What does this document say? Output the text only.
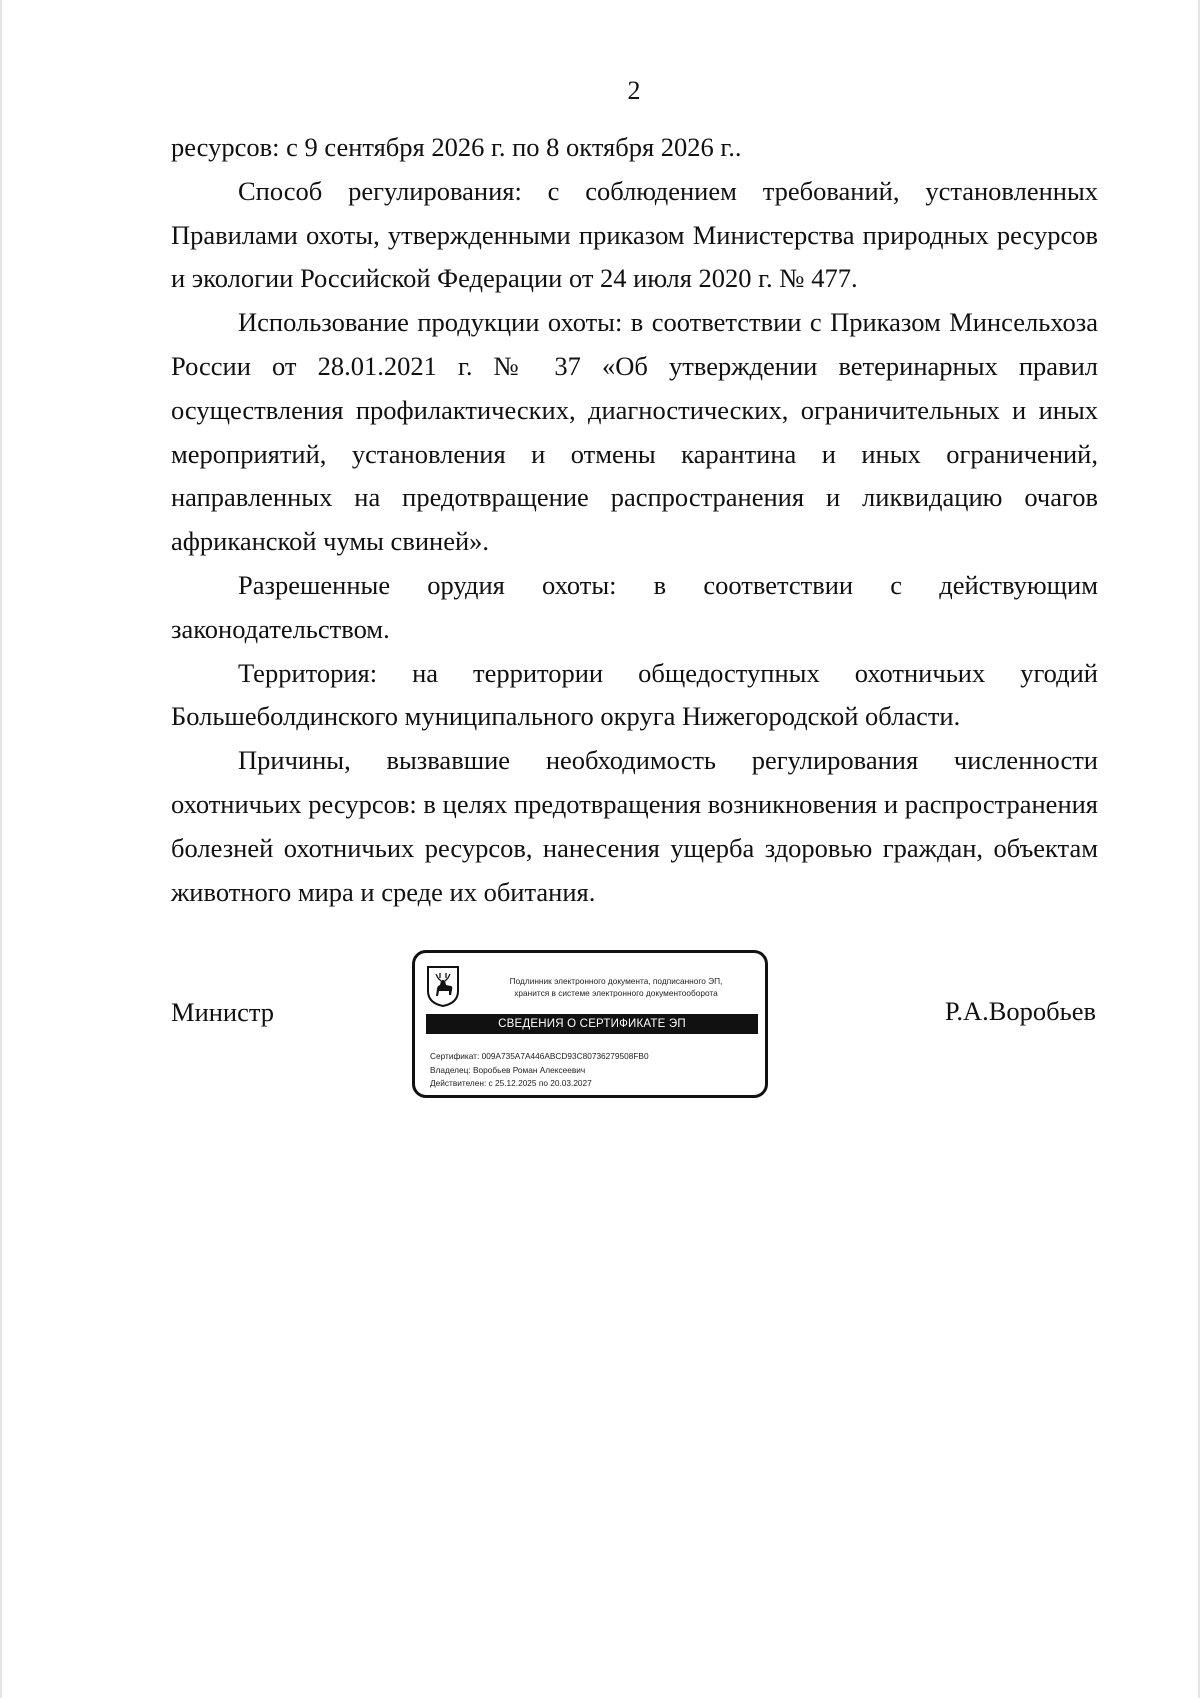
2

ресурсов: с 9 сентября 2026 г. по 8 октября 2026 г..

Способ регулирования: с соблюдением требований, установленных Правилами охоты, утвержденными приказом Министерства природных ресурсов и экологии Российской Федерации от 24 июля 2020 г. № 477.

Использование продукции охоты: в соответствии с Приказом Минсельхоза России от 28.01.2021 г. № 37 «Об утверждении ветеринарных правил осуществления профилактических, диагностических, ограничительных и иных мероприятий, установления и отмены карантина и иных ограничений, направленных на предотвращение распространения и ликвидацию очагов африканской чумы свиней».

Разрешенные орудия охоты: в соответствии с действующим законодательством.

Территория: на территории общедоступных охотничьих угодий Большеболдинского муниципального округа Нижегородской области.

Причины, вызвавшие необходимость регулирования численности охотничьих ресурсов: в целях предотвращения возникновения и распространения болезней охотничьих ресурсов, нанесения ущерба здоровью граждан, объектам животного мира и среде их обитания.

Министр
Подлинник электронного документа, подписанного ЭП,
хранится в системе электронного документооборота
СВЕДЕНИЯ О СЕРТИФИКАТЕ ЭП
Сертификат: 009A735A7A446ABCD93C80736279508FB0
Владелец: Воробьев Роман Алексеевич
Действителен: с 25.12.2025 по 20.03.2027
Р.А.Воробьев
